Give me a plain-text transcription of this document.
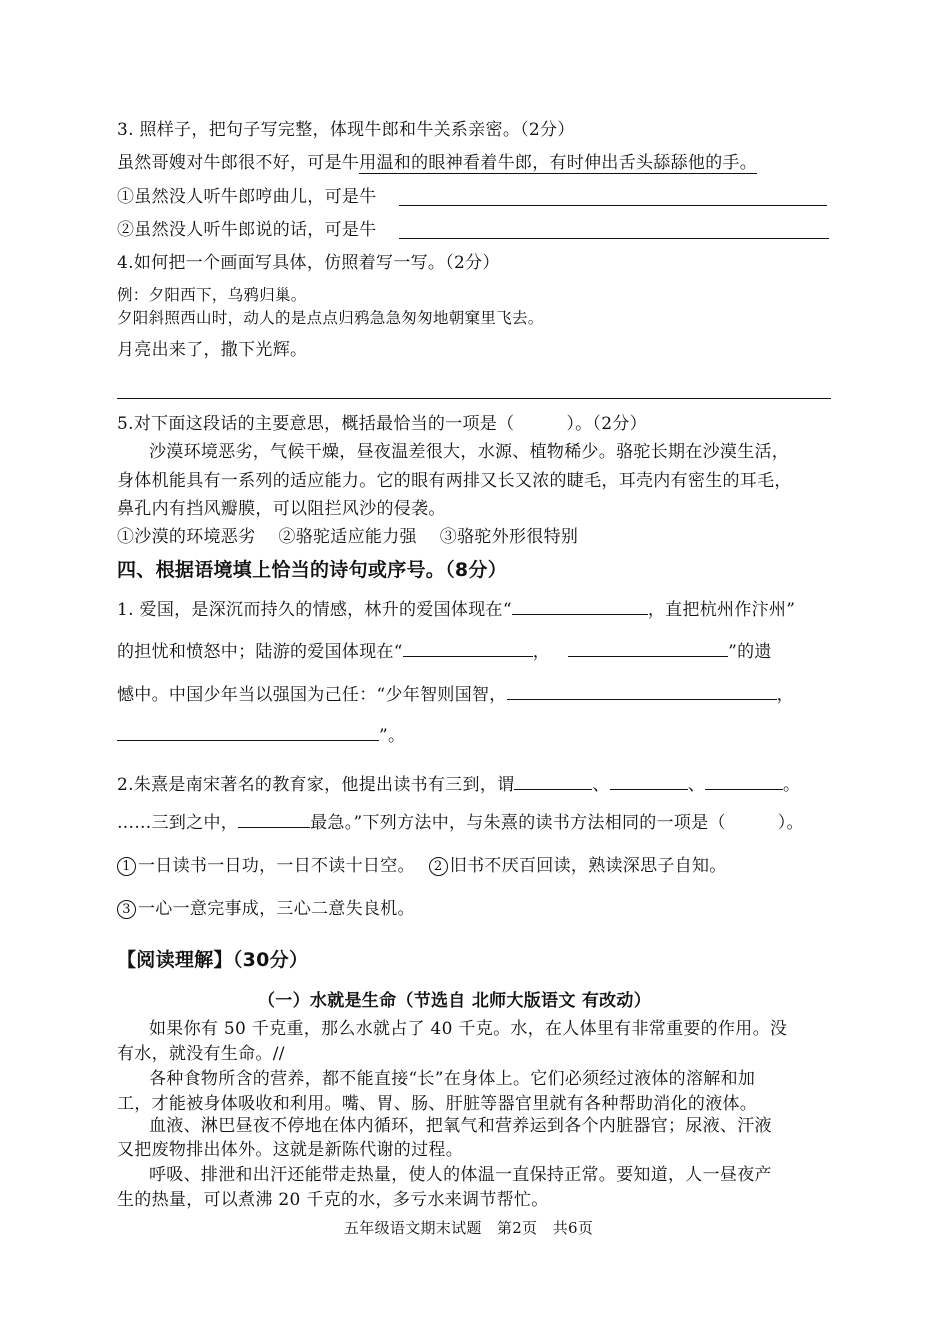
3. 照样子，把句子写完整，体现牛郎和牛关系亲密。（2分）
虽然哥嫂对牛郎很不好，可是牛用温和的眼神看着牛郎，有时伸出舌头舔舔他的手。
①虽然没人听牛郎哼曲儿，可是牛
②虽然没人听牛郎说的话，可是牛
4.如何把一个画面写具体，仿照着写一写。（2分）
例：夕阳西下，乌鸦归巢。
夕阳斜照西山时，动人的是点点归鸦急急匆匆地朝窠里飞去。
月亮出来了，撒下光辉。
5.对下面这段话的主要意思，概括最恰当的一项是（　　　）。（2分）
沙漠环境恶劣，气候干燥，昼夜温差很大，水源、植物稀少。骆驼长期在沙漠生活，
身体机能具有一系列的适应能力。它的眼有两排又长又浓的睫毛，耳壳内有密生的耳毛，
鼻孔内有挡风瓣膜，可以阻拦风沙的侵袭。
①沙漠的环境恶劣　 ②骆驼适应能力强　 ③骆驼外形很特别
四、根据语境填上恰当的诗句或序号。（8分）
1. 爱国，是深沉而持久的情感，林升的爱国体现在“	，直把杭州作汴州”
的担忧和愤怒中；陆游的爱国体现在“	，	”的遗
憾中。中国少年当以强国为己任：“少年智则国智，	，
”。
2.朱熹是南宋著名的教育家，他提出读书有三到，谓	、	、	。
……三到之中，	最急。”下列方法中，与朱熹的读书方法相同的一项是（　　　）。
1 一日读书一日功，一日不读十日空。 2 旧书不厌百回读，熟读深思子自知。
3 一心一意完事成，三心二意失良机。
【阅读理解】（30分）
（一）水就是生命（节选自 北师大版语文 有改动）
如果你有 50 千克重，那么水就占了 40 千克。水，在人体里有非常重要的作用。没
有水，就没有生命。//
各种食物所含的营养，都不能直接“长”在身体上。它们必须经过液体的溶解和加
工，才能被身体吸收和利用。嘴、胃、肠、肝脏等器官里就有各种帮助消化的液体。
血液、淋巴昼夜不停地在体内循环，把氧气和营养运到各个内脏器官；尿液、汗液
又把废物排出体外。这就是新陈代谢的过程。
呼吸、排泄和出汗还能带走热量，使人的体温一直保持正常。要知道，人一昼夜产
生的热量，可以煮沸 20 千克的水，多亏水来调节帮忙。
五年级语文期末试题　第2页　共6页
